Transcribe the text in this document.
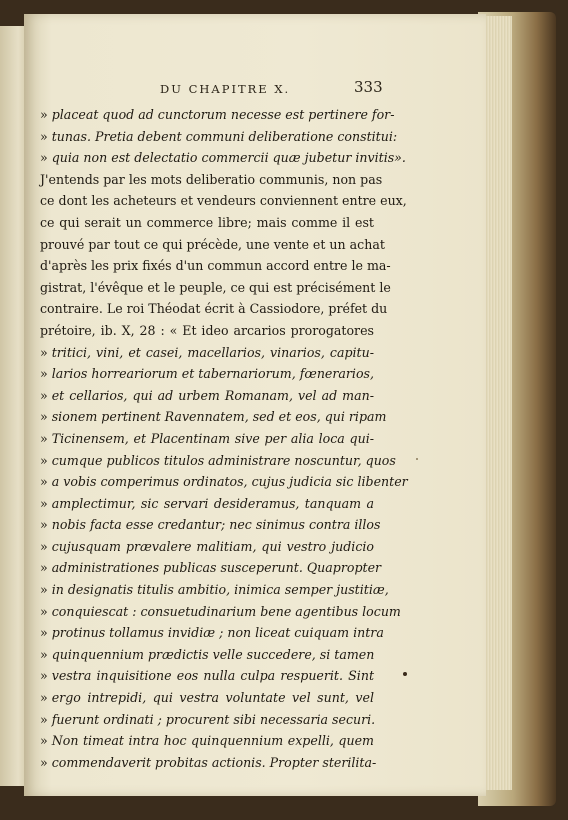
DU CHAPITRE X.	333
» placeat quod ad cunctorum necesse est pertinere for-
» tunas. Pretia debent communi deliberatione constitui:
» quia non est delectatio commercii quæ jubetur invitis».
J'entends par les mots deliberatio communis, non pas
ce dont les acheteurs et vendeurs conviennent entre eux,
ce qui serait un commerce libre; mais comme il est
prouvé par tout ce qui précède, une vente et un achat
d'après les prix fixés d'un commun accord entre le ma-
gistrat, l'évêque et le peuple, ce qui est précisément le
contraire. Le roi Théodat écrit à Cassiodore, préfet du
prétoire, ib. X, 28 : « Et ideo arcarios prorogatores
» tritici, vini, et casei, macellarios, vinarios, capitu-
» larios horreariorum et tabernariorum, fœnerarios,
» et cellarios, qui ad urbem Romanam, vel ad man-
» sionem pertinent Ravennatem, sed et eos, qui ripam
» Ticinensem, et Placentinam sive per alia loca qui-
» cumque publicos titulos administrare noscuntur, quos
» a vobis comperimus ordinatos, cujus judicia sic libenter
» amplectimur, sic servari desideramus, tanquam a
» nobis facta esse credantur; nec sinimus contra illos
» cujusquam prævalere malitiam, qui vestro judicio
» administrationes publicas susceperunt. Quapropter
» in designatis titulis ambitio, inimica semper justitiæ,
» conquiescat : consuetudinarium bene agentibus locum
» protinus tollamus invidiæ ; non liceat cuiquam intra
» quinquennium prædictis velle succedere, si tamen
» vestra inquisitione eos nulla culpa respuerit. Sint
» ergo intrepidi, qui vestra voluntate vel sunt, vel
» fuerunt ordinati ; procurent sibi necessaria securi.
» Non timeat intra hoc quinquennium expelli, quem
» commendaverit probitas actionis. Propter sterilita-
